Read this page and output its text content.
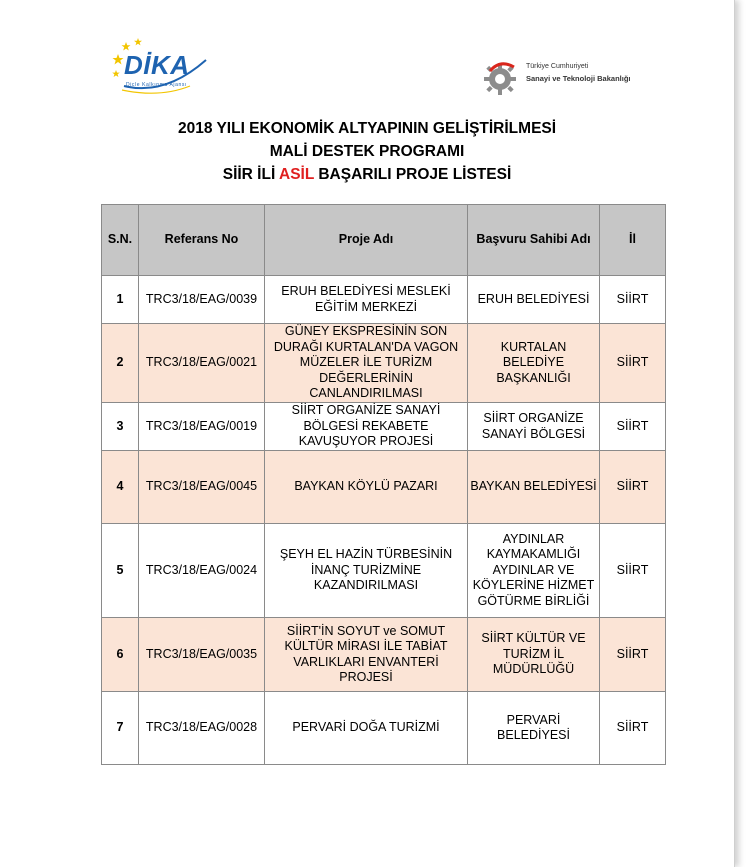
DİKA
Dicle Kalkınma Ajansı
Türkiye Cumhuriyeti
Sanayi ve Teknoloji Bakanlığı
2018 YILI EKONOMİK ALTYAPININ GELİŞTİRİLMESİ
MALİ DESTEK PROGRAMI
SİİR İLİ ASİL BAŞARILI PROJE LİSTESİ
S.N.	Referans No	Proje Adı	Başvuru Sahibi Adı	İl
1	TRC3/18/EAG/0039	ERUH BELEDİYESİ MESLEKİ EĞİTİM MERKEZİ	ERUH BELEDİYESİ	SİİRT
2	TRC3/18/EAG/0021	GÜNEY EKSPRESİNİN SON DURAĞI KURTALAN'DA VAGON MÜZELER İLE TURİZM DEĞERLERİNİN CANLANDIRILMASI	KURTALAN BELEDİYE BAŞKANLIĞI	SİİRT
3	TRC3/18/EAG/0019	SİİRT ORGANİZE SANAYİ BÖLGESİ REKABETE KAVUŞUYOR PROJESİ	SİİRT ORGANİZE SANAYİ BÖLGESİ	SİİRT
4	TRC3/18/EAG/0045	BAYKAN KÖYLÜ PAZARI	BAYKAN BELEDİYESİ	SİİRT
5	TRC3/18/EAG/0024	ŞEYH EL HAZİN TÜRBESİNİN İNANÇ TURİZMİNE KAZANDIRILMASI	AYDINLAR KAYMAKAMLIĞI AYDINLAR VE KÖYLERİNE HİZMET GÖTÜRME BİRLİĞİ	SİİRT
6	TRC3/18/EAG/0035	SİİRT'İN SOYUT ve SOMUT KÜLTÜR MİRASI İLE TABİAT VARLIKLARI ENVANTERİ PROJESİ	SİİRT KÜLTÜR VE TURİZM İL MÜDÜRLÜĞÜ	SİİRT
7	TRC3/18/EAG/0028	PERVARİ DOĞA TURİZMİ	PERVARİ BELEDİYESİ	SİİRT
